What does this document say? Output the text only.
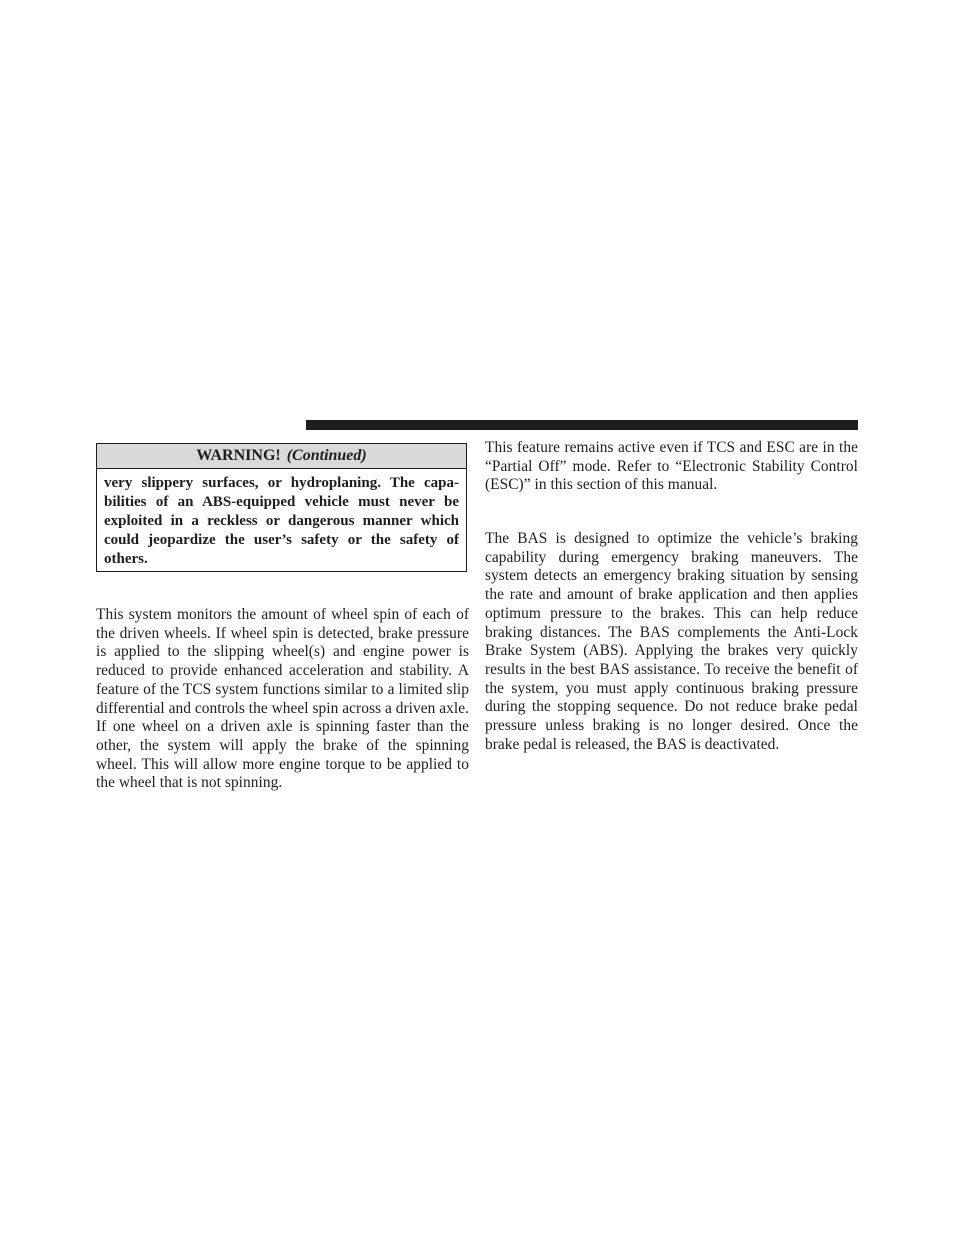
WARNING! (Continued)
very slippery surfaces, or hydroplaning. The capabilities of an ABS-equipped vehicle must never be exploited in a reckless or dangerous manner which could jeopardize the user’s safety or the safety of others.

This system monitors the amount of wheel spin of each of the driven wheels. If wheel spin is detected, brake pressure is applied to the slipping wheel(s) and engine power is reduced to provide enhanced acceleration and stability. A feature of the TCS system functions similar to a limited slip differential and controls the wheel spin across a driven axle. If one wheel on a driven axle is spinning faster than the other, the system will apply the brake of the spinning wheel. This will allow more engine torque to be applied to the wheel that is not spinning.

This feature remains active even if TCS and ESC are in the “Partial Off” mode. Refer to “Electronic Stability Control (ESC)” in this section of this manual.

The BAS is designed to optimize the vehicle’s braking capability during emergency braking maneuvers. The system detects an emergency braking situation by sensing the rate and amount of brake application and then applies optimum pressure to the brakes. This can help reduce braking distances. The BAS complements the Anti-Lock Brake System (ABS). Applying the brakes very quickly results in the best BAS assistance. To receive the benefit of the system, you must apply continuous braking pressure during the stopping sequence. Do not reduce brake pedal pressure unless braking is no longer desired. Once the brake pedal is released, the BAS is deactivated.
